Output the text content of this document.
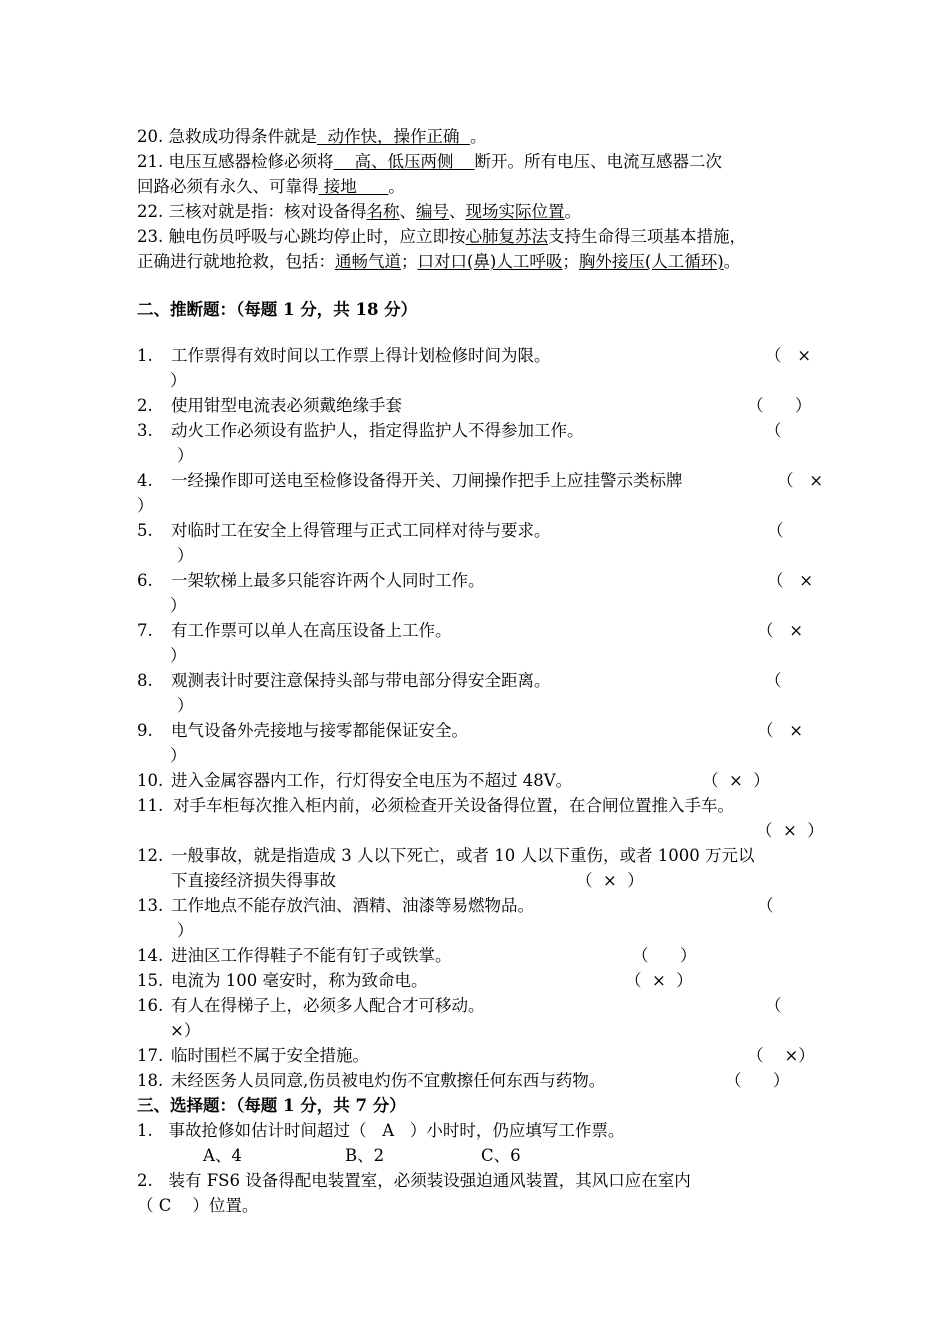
20. 急救成功得条件就是  动作快，操作正确  。
21. 电压互感器检修必须将    高、低压两侧    断开。所有电压、电流互感器二次
回路必须有永久、可靠得 接地      。
22. 三核对就是指：核对设备得名称、编号、现场实际位置。
23. 触电伤员呼吸与心跳均停止时，应立即按心肺复苏法支持生命得三项基本措施，
正确进行就地抢救，包括：通畅气道；口对口(鼻)人工呼吸；胸外接压(人工循环)。
二、推断题：（每题 1 分，共 18 分）
1. 工作票得有效时间以工作票上得计划检修时间为限。	（   ×
）
2. 使用钳型电流表必须戴绝缘手套	（      ）
3. 动火工作必须设有监护人，指定得监护人不得参加工作。	（
）
4. 一经操作即可送电至检修设备得开关、刀闸操作把手上应挂警示类标牌	（   ×
）
5. 对临时工在安全上得管理与正式工同样对待与要求。	（
）
6. 一架软梯上最多只能容许两个人同时工作。	（   ×
）
7. 有工作票可以单人在高压设备上工作。	（   ×
）
8. 观测表计时要注意保持头部与带电部分得安全距离。	（
）
9. 电气设备外壳接地与接零都能保证安全。	（   ×
）
10. 进入金属容器内工作，行灯得安全电压为不超过 48V。	（  ×  ）
11. 对手车柜每次推入柜内前，必须检查开关设备得位置，在合闸位置推入手车。
（  ×  ）
12. 一般事故，就是指造成 3 人以下死亡，或者 10 人以下重伤，或者 1000 万元以
下直接经济损失得事故	（  ×  ）
13. 工作地点不能存放汽油、酒精、油漆等易燃物品。	（
）
14. 进油区工作得鞋子不能有钉子或铁掌。	（      ）
15. 电流为 100 毫安时，称为致命电。	（  ×  ）
16. 有人在得梯子上，必须多人配合才可移动。	（
×）
17. 临时围栏不属于安全措施。	（    ×）
18. 未经医务人员同意,伤员被电灼伤不宜敷擦任何东西与药物。	（      ）
三、选择题：（每题 1 分，共 7 分）
1.   事故抢修如估计时间超过（   A   ）小时时，仍应填写工作票。
A、4	B、2	C、6
2.   装有 FS6 设备得配电装置室，必须装设强迫通风装置，其风口应在室内
（ C    ）位置。
